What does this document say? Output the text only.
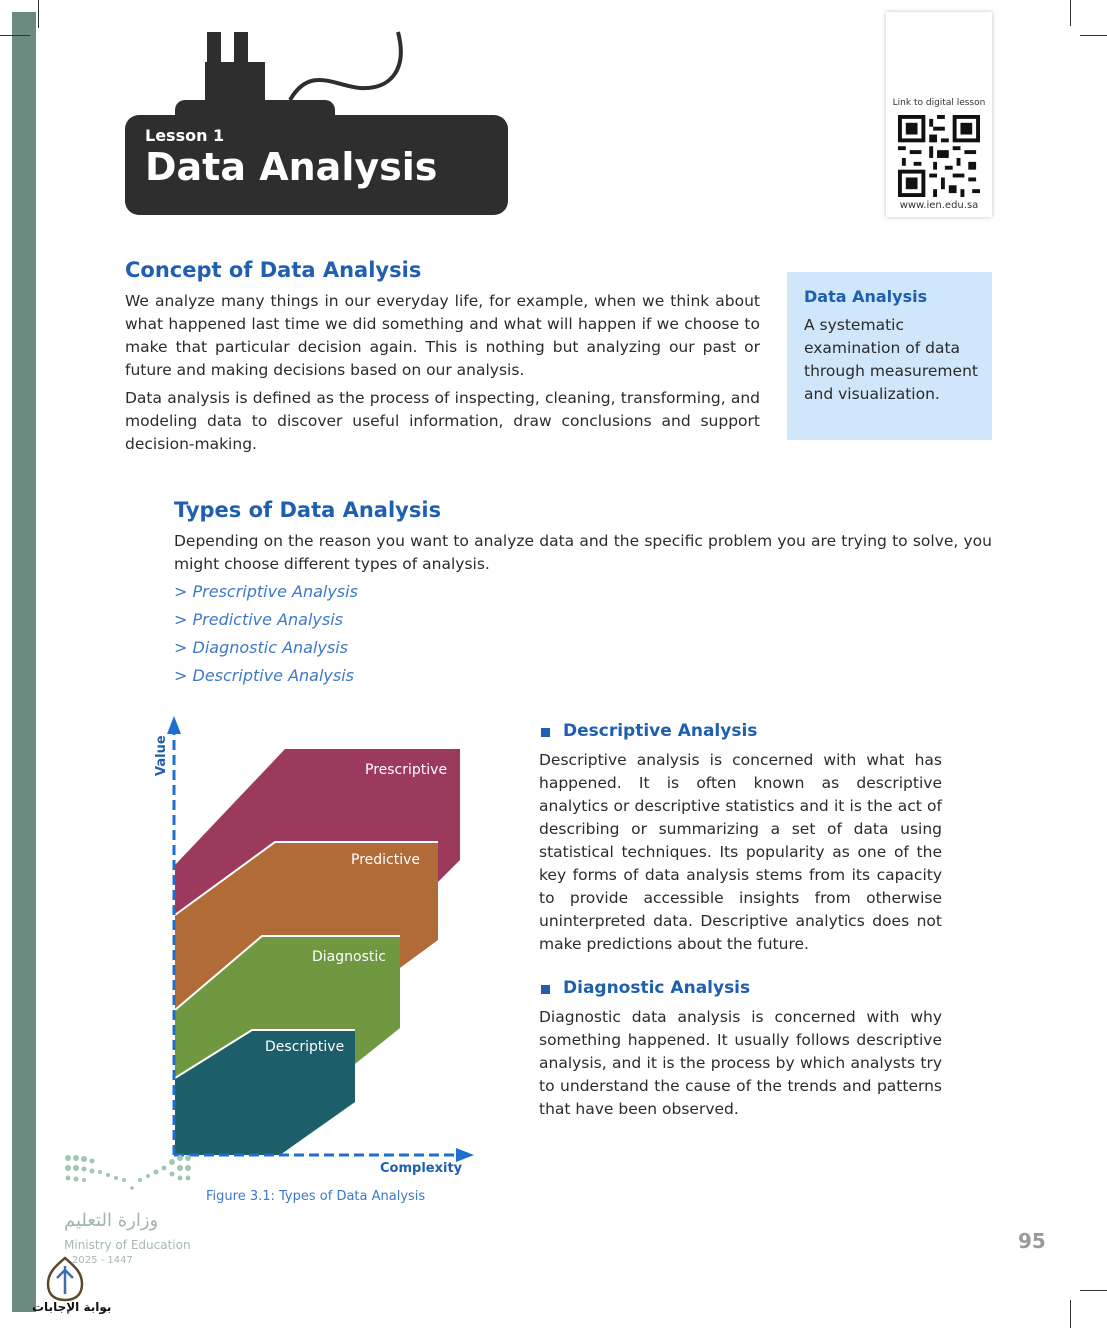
Lesson 1
Data Analysis
Link to digital lesson
www.ien.edu.sa
Concept of Data Analysis

We analyze many things in our everyday life, for example, when we think about what happened last time we did something and what will happen if we choose to make that particular decision again. This is nothing but analyzing our past or future and making decisions based on our analysis.

Data analysis is defined as the process of inspecting, cleaning, transforming, and modeling data to discover useful information, draw conclusions and support decision-making.

Data Analysis
A systematic examination of data through measurement and visualization.
Types of Data Analysis

Depending on the reason you want to analyze data and the specific problem you are trying to solve, you might choose different types of analysis.

> Prescriptive Analysis
> Predictive Analysis
> Diagnostic Analysis
> Descriptive Analysis
Prescriptive
Predictive
Diagnostic
Descriptive
Value
Complexity
Figure 3.1: Types of Data Analysis
Descriptive Analysis

Descriptive analysis is concerned with what has happened. It is often known as descriptive analytics or descriptive statistics and it is the act of describing or summarizing a set of data using statistical techniques. Its popularity as one of the key forms of data analysis stems from its capacity to provide accessible insights from otherwise uninterpreted data. Descriptive analytics does not make predictions about the future.

Diagnostic Analysis

Diagnostic data analysis is concerned with why something happened. It usually follows descriptive analysis, and it is the process by which analysts try to understand the cause of the trends and patterns that have been observed.

95
وزارة التعليم
Ministry of Education
2025 - 1447
بوابة الإجابات
